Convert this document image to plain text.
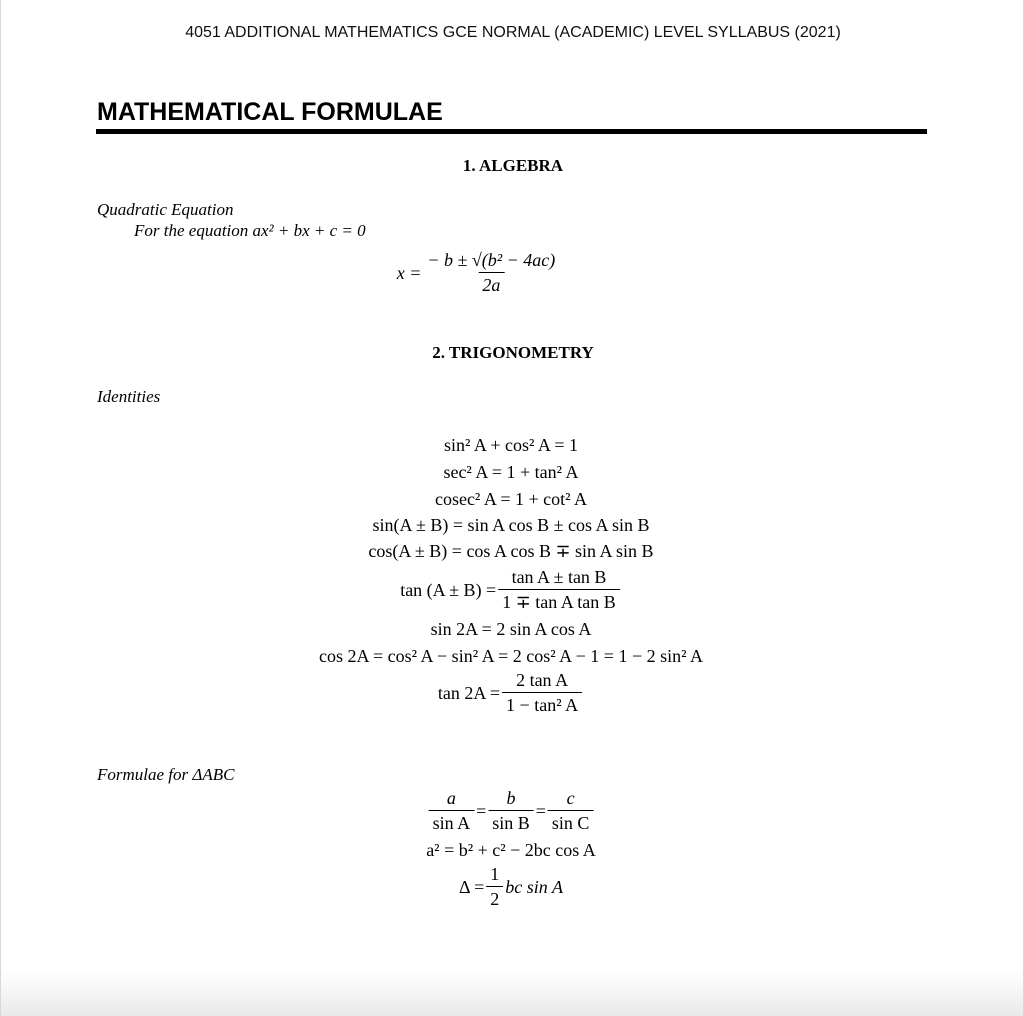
4051 ADDITIONAL MATHEMATICS GCE NORMAL (ACADEMIC) LEVEL SYLLABUS (2021)
MATHEMATICAL FORMULAE
1. ALGEBRA
Quadratic Equation
For the equation ax² + bx + c = 0
$x = \frac{\text{− b ± √(b² − 4ac)}}{2a}$
2. TRIGONOMETRY
Identities
sin² A + cos² A = 1
sec² A = 1 + tan² A
cosec² A = 1 + cot² A
sin(A ± B) = sin A cos B ± cos A sin B
cos(A ± B) = cos A cos B ∓ sin A sin B
$\tan (A \pm B) = \frac{\text{tan A ± tan B}}{\text{1 ∓ tan A tan B}}$
sin 2A = 2 sin A cos A
cos 2A = cos² A − sin² A = 2 cos² A − 1 = 1 − 2 sin² A
$\tan 2A = \frac{\text{2 tan A}}{\text{1 − tan² A}}$
Formulae for ΔABC
$\frac{a}{\text{sin A}} = \frac{b}{\text{sin B}} = \frac{c}{\text{sin C}}$
a² = b² + c² − 2bc cos A
$\Delta = \frac{1}{2}$ bc sin A
